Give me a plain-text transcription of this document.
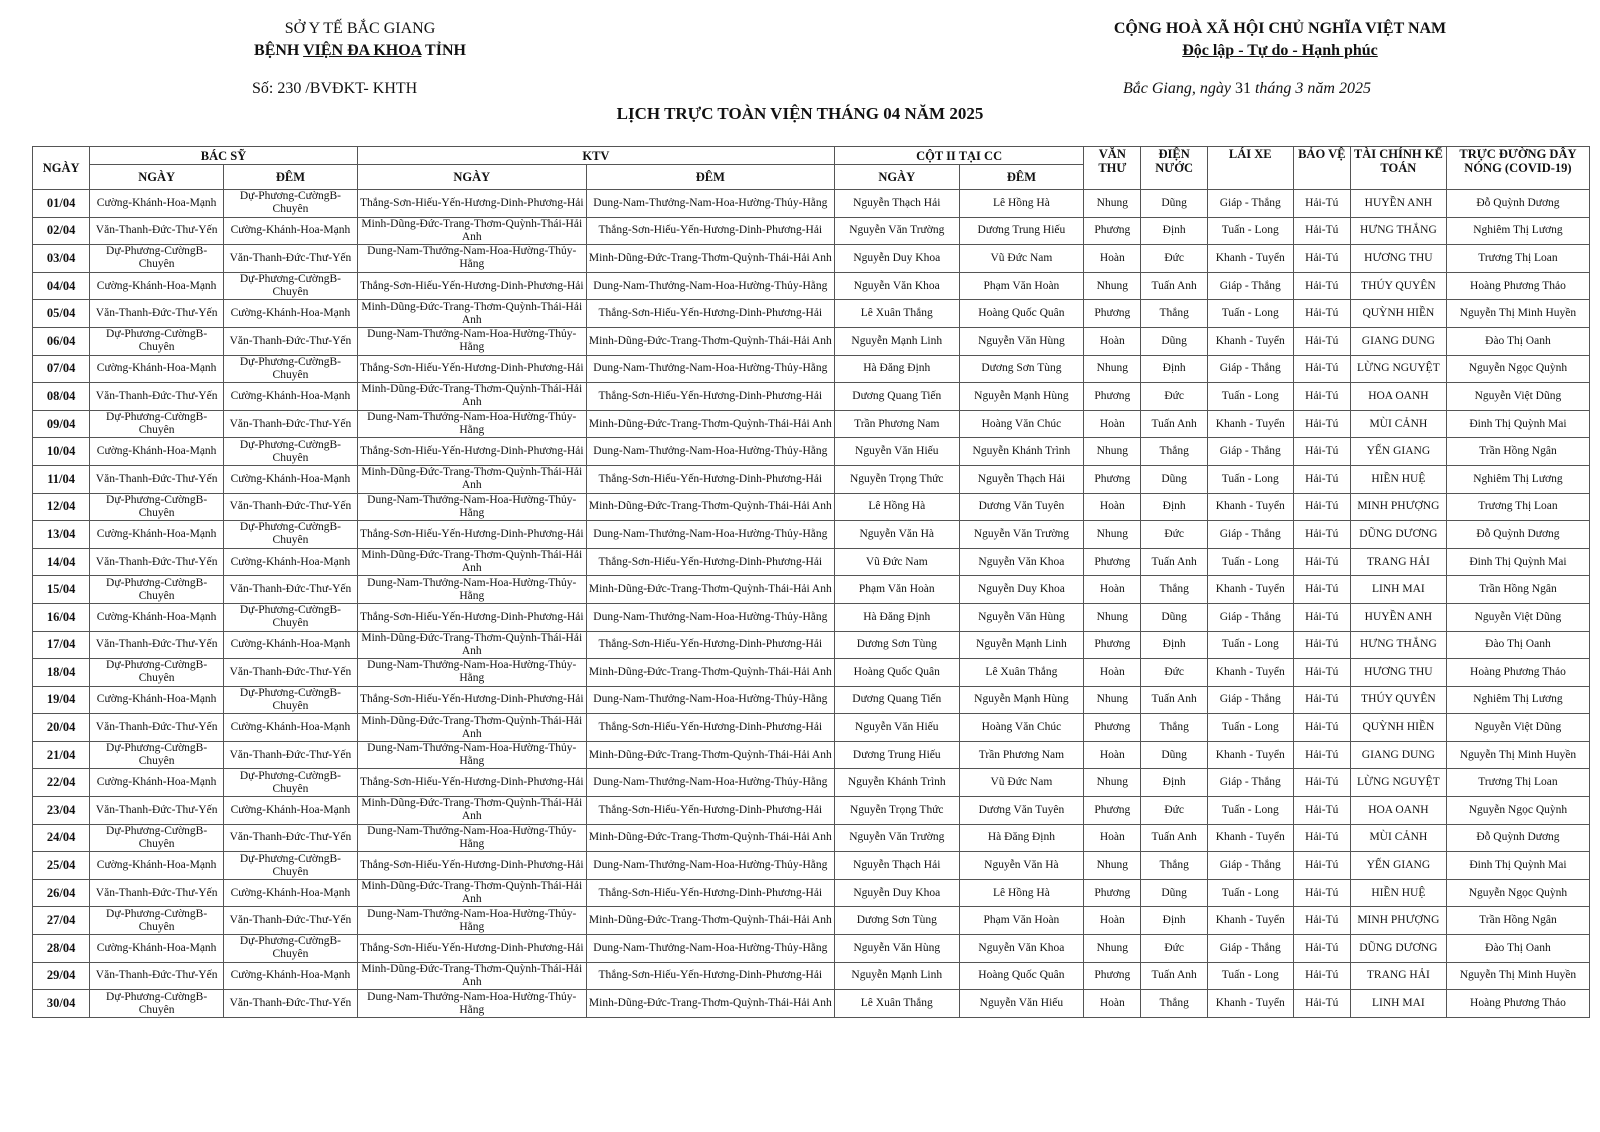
SỞ Y TẾ BẮC GIANG
BỆNH VIỆN ĐA KHOA TỈNH
Số: 230 /BVĐKT- KHTH
CỘNG HOÀ XÃ HỘI CHỦ NGHĨA VIỆT NAM
Độc lập - Tự do - Hạnh phúc
Bắc Giang, ngày 31 tháng 3 năm 2025
LỊCH TRỰC TOÀN VIỆN THÁNG 04 NĂM 2025
NGÀY	BÁC SỸ		KTV		CỘT II TẠI CC		VĂN THƯ	ĐIỆN NƯỚC	LÁI XE	BẢO VỆ	TÀI CHÍNH KẾ TOÁN	TRỰC ĐƯỜNG DÂY NÓNG (COVID-19)
	NGÀY	ĐÊM	NGÀY	ĐÊM	NGÀY	ĐÊM						
01/04	Cường-Khánh-Hoa-Mạnh	Dự-Phương-CườngB-Chuyên	Thắng-Sơn-Hiếu-Yến-Hương-Dinh-Phương-Hải	Dung-Nam-Thưởng-Nam-Hoa-Hường-Thủy-Hằng	Nguyễn Thạch Hải	Lê Hồng Hà	Nhung	Dũng	Giáp - Thắng	Hải-Tú	HUYỀN ANH	Đỗ Quỳnh Dương
02/04	Văn-Thanh-Đức-Thư-Yến	Cường-Khánh-Hoa-Mạnh	Minh-Dũng-Đức-Trang-Thơm-Quỳnh-Thái-Hải Anh	Thắng-Sơn-Hiếu-Yến-Hương-Dinh-Phương-Hải	Nguyễn Văn Trường	Dương Trung Hiếu	Phương	Định	Tuấn - Long	Hải-Tú	HƯNG THẮNG	Nghiêm Thị Lương
03/04	Dự-Phương-CườngB-Chuyên	Văn-Thanh-Đức-Thư-Yến	Dung-Nam-Thưởng-Nam-Hoa-Hường-Thủy-Hằng	Minh-Dũng-Đức-Trang-Thơm-Quỳnh-Thái-Hải Anh	Nguyễn Duy Khoa	Vũ Đức Nam	Hoàn	Đức	Khanh - Tuyển	Hải-Tú	HƯƠNG THU	Trương Thị Loan
04/04	Cường-Khánh-Hoa-Mạnh	Dự-Phương-CườngB-Chuyên	Thắng-Sơn-Hiếu-Yến-Hương-Dinh-Phương-Hải	Dung-Nam-Thưởng-Nam-Hoa-Hường-Thủy-Hằng	Nguyễn Văn Khoa	Phạm Văn Hoàn	Nhung	Tuấn Anh	Giáp - Thắng	Hải-Tú	THÚY QUYÊN	Hoàng Phương Thảo
05/04	Văn-Thanh-Đức-Thư-Yến	Cường-Khánh-Hoa-Mạnh	Minh-Dũng-Đức-Trang-Thơm-Quỳnh-Thái-Hải Anh	Thắng-Sơn-Hiếu-Yến-Hương-Dinh-Phương-Hải	Lê Xuân Thắng	Hoàng Quốc Quân	Phương	Thắng	Tuấn - Long	Hải-Tú	QUỲNH HIỀN	Nguyễn Thị Minh Huyền
06/04	Dự-Phương-CườngB-Chuyên	Văn-Thanh-Đức-Thư-Yến	Dung-Nam-Thưởng-Nam-Hoa-Hường-Thủy-Hằng	Minh-Dũng-Đức-Trang-Thơm-Quỳnh-Thái-Hải Anh	Nguyễn Mạnh Linh	Nguyễn Văn Hùng	Hoàn	Dũng	Khanh - Tuyển	Hải-Tú	GIANG DUNG	Đào Thị Oanh
07/04	Cường-Khánh-Hoa-Mạnh	Dự-Phương-CườngB-Chuyên	Thắng-Sơn-Hiếu-Yến-Hương-Dinh-Phương-Hải	Dung-Nam-Thưởng-Nam-Hoa-Hường-Thủy-Hằng	Hà Đăng Định	Dương Sơn Tùng	Nhung	Định	Giáp - Thắng	Hải-Tú	LỪNG NGUYỆT	Nguyễn Ngọc Quỳnh
08/04	Văn-Thanh-Đức-Thư-Yến	Cường-Khánh-Hoa-Mạnh	Minh-Dũng-Đức-Trang-Thơm-Quỳnh-Thái-Hải Anh	Thắng-Sơn-Hiếu-Yến-Hương-Dinh-Phương-Hải	Dương Quang Tiến	Nguyễn Mạnh Hùng	Phương	Đức	Tuấn - Long	Hải-Tú	HOA OANH	Nguyễn Việt Dũng
09/04	Dự-Phương-CườngB-Chuyên	Văn-Thanh-Đức-Thư-Yến	Dung-Nam-Thưởng-Nam-Hoa-Hường-Thủy-Hằng	Minh-Dũng-Đức-Trang-Thơm-Quỳnh-Thái-Hải Anh	Trần Phương Nam	Hoàng Văn Chúc	Hoàn	Tuấn Anh	Khanh - Tuyển	Hải-Tú	MÙI CẢNH	Đinh Thị Quỳnh Mai
10/04	Cường-Khánh-Hoa-Mạnh	Dự-Phương-CườngB-Chuyên	Thắng-Sơn-Hiếu-Yến-Hương-Dinh-Phương-Hải	Dung-Nam-Thưởng-Nam-Hoa-Hường-Thủy-Hằng	Nguyễn Văn Hiếu	Nguyễn Khánh Trình	Nhung	Thắng	Giáp - Thắng	Hải-Tú	YẾN GIANG	Trần Hồng Ngân
11/04	Văn-Thanh-Đức-Thư-Yến	Cường-Khánh-Hoa-Mạnh	Minh-Dũng-Đức-Trang-Thơm-Quỳnh-Thái-Hải Anh	Thắng-Sơn-Hiếu-Yến-Hương-Dinh-Phương-Hải	Nguyễn Trọng Thức	Nguyễn Thạch Hải	Phương	Dũng	Tuấn - Long	Hải-Tú	HIỀN HUỆ	Nghiêm Thị Lương
12/04	Dự-Phương-CườngB-Chuyên	Văn-Thanh-Đức-Thư-Yến	Dung-Nam-Thưởng-Nam-Hoa-Hường-Thủy-Hằng	Minh-Dũng-Đức-Trang-Thơm-Quỳnh-Thái-Hải Anh	Lê Hồng Hà	Dương Văn Tuyên	Hoàn	Định	Khanh - Tuyển	Hải-Tú	MINH PHƯỢNG	Trương Thị Loan
13/04	Cường-Khánh-Hoa-Mạnh	Dự-Phương-CườngB-Chuyên	Thắng-Sơn-Hiếu-Yến-Hương-Dinh-Phương-Hải	Dung-Nam-Thưởng-Nam-Hoa-Hường-Thủy-Hằng	Nguyễn Văn Hà	Nguyễn Văn Trường	Nhung	Đức	Giáp - Thắng	Hải-Tú	DŨNG DƯƠNG	Đỗ Quỳnh Dương
14/04	Văn-Thanh-Đức-Thư-Yến	Cường-Khánh-Hoa-Mạnh	Minh-Dũng-Đức-Trang-Thơm-Quỳnh-Thái-Hải Anh	Thắng-Sơn-Hiếu-Yến-Hương-Dinh-Phương-Hải	Vũ Đức Nam	Nguyễn Văn Khoa	Phương	Tuấn Anh	Tuấn - Long	Hải-Tú	TRANG HẢI	Đinh Thị Quỳnh Mai
15/04	Dự-Phương-CườngB-Chuyên	Văn-Thanh-Đức-Thư-Yến	Dung-Nam-Thưởng-Nam-Hoa-Hường-Thủy-Hằng	Minh-Dũng-Đức-Trang-Thơm-Quỳnh-Thái-Hải Anh	Phạm Văn Hoàn	Nguyễn Duy Khoa	Hoàn	Thắng	Khanh - Tuyển	Hải-Tú	LINH MAI	Trần Hồng Ngân
16/04	Cường-Khánh-Hoa-Mạnh	Dự-Phương-CườngB-Chuyên	Thắng-Sơn-Hiếu-Yến-Hương-Dinh-Phương-Hải	Dung-Nam-Thưởng-Nam-Hoa-Hường-Thủy-Hằng	Hà Đăng Định	Nguyễn Văn Hùng	Nhung	Dũng	Giáp - Thắng	Hải-Tú	HUYỀN ANH	Nguyễn Việt Dũng
17/04	Văn-Thanh-Đức-Thư-Yến	Cường-Khánh-Hoa-Mạnh	Minh-Dũng-Đức-Trang-Thơm-Quỳnh-Thái-Hải Anh	Thắng-Sơn-Hiếu-Yến-Hương-Dinh-Phương-Hải	Dương Sơn Tùng	Nguyễn Mạnh Linh	Phương	Định	Tuấn - Long	Hải-Tú	HƯNG THẮNG	Đào Thị Oanh
18/04	Dự-Phương-CườngB-Chuyên	Văn-Thanh-Đức-Thư-Yến	Dung-Nam-Thưởng-Nam-Hoa-Hường-Thủy-Hằng	Minh-Dũng-Đức-Trang-Thơm-Quỳnh-Thái-Hải Anh	Hoàng Quốc Quân	Lê Xuân Thắng	Hoàn	Đức	Khanh - Tuyển	Hải-Tú	HƯƠNG THU	Hoàng Phương Thảo
19/04	Cường-Khánh-Hoa-Mạnh	Dự-Phương-CườngB-Chuyên	Thắng-Sơn-Hiếu-Yến-Hương-Dinh-Phương-Hải	Dung-Nam-Thưởng-Nam-Hoa-Hường-Thủy-Hằng	Dương Quang Tiến	Nguyễn Mạnh Hùng	Nhung	Tuấn Anh	Giáp - Thắng	Hải-Tú	THÚY QUYÊN	Nghiêm Thị Lương
20/04	Văn-Thanh-Đức-Thư-Yến	Cường-Khánh-Hoa-Mạnh	Minh-Dũng-Đức-Trang-Thơm-Quỳnh-Thái-Hải Anh	Thắng-Sơn-Hiếu-Yến-Hương-Dinh-Phương-Hải	Nguyễn Văn Hiếu	Hoàng Văn Chúc	Phương	Thắng	Tuấn - Long	Hải-Tú	QUỲNH HIỀN	Nguyễn Việt Dũng
21/04	Dự-Phương-CườngB-Chuyên	Văn-Thanh-Đức-Thư-Yến	Dung-Nam-Thưởng-Nam-Hoa-Hường-Thủy-Hằng	Minh-Dũng-Đức-Trang-Thơm-Quỳnh-Thái-Hải Anh	Dương Trung Hiếu	Trần Phương Nam	Hoàn	Dũng	Khanh - Tuyển	Hải-Tú	GIANG DUNG	Nguyễn Thị Minh Huyền
22/04	Cường-Khánh-Hoa-Mạnh	Dự-Phương-CườngB-Chuyên	Thắng-Sơn-Hiếu-Yến-Hương-Dinh-Phương-Hải	Dung-Nam-Thưởng-Nam-Hoa-Hường-Thủy-Hằng	Nguyễn Khánh Trình	Vũ Đức Nam	Nhung	Định	Giáp - Thắng	Hải-Tú	LỪNG NGUYỆT	Trương Thị Loan
23/04	Văn-Thanh-Đức-Thư-Yến	Cường-Khánh-Hoa-Mạnh	Minh-Dũng-Đức-Trang-Thơm-Quỳnh-Thái-Hải Anh	Thắng-Sơn-Hiếu-Yến-Hương-Dinh-Phương-Hải	Nguyễn Trọng Thức	Dương Văn Tuyên	Phương	Đức	Tuấn - Long	Hải-Tú	HOA OANH	Nguyễn Ngọc Quỳnh
24/04	Dự-Phương-CườngB-Chuyên	Văn-Thanh-Đức-Thư-Yến	Dung-Nam-Thưởng-Nam-Hoa-Hường-Thủy-Hằng	Minh-Dũng-Đức-Trang-Thơm-Quỳnh-Thái-Hải Anh	Nguyễn Văn Trường	Hà Đăng Định	Hoàn	Tuấn Anh	Khanh - Tuyển	Hải-Tú	MÙI CẢNH	Đỗ Quỳnh Dương
25/04	Cường-Khánh-Hoa-Mạnh	Dự-Phương-CườngB-Chuyên	Thắng-Sơn-Hiếu-Yến-Hương-Dinh-Phương-Hải	Dung-Nam-Thưởng-Nam-Hoa-Hường-Thủy-Hằng	Nguyễn Thạch Hải	Nguyễn Văn Hà	Nhung	Thắng	Giáp - Thắng	Hải-Tú	YẾN GIANG	Đinh Thị Quỳnh Mai
26/04	Văn-Thanh-Đức-Thư-Yến	Cường-Khánh-Hoa-Mạnh	Minh-Dũng-Đức-Trang-Thơm-Quỳnh-Thái-Hải Anh	Thắng-Sơn-Hiếu-Yến-Hương-Dinh-Phương-Hải	Nguyễn Duy Khoa	Lê Hồng Hà	Phương	Dũng	Tuấn - Long	Hải-Tú	HIỀN HUỆ	Nguyễn Ngọc Quỳnh
27/04	Dự-Phương-CườngB-Chuyên	Văn-Thanh-Đức-Thư-Yến	Dung-Nam-Thưởng-Nam-Hoa-Hường-Thủy-Hằng	Minh-Dũng-Đức-Trang-Thơm-Quỳnh-Thái-Hải Anh	Dương Sơn Tùng	Phạm Văn Hoàn	Hoàn	Định	Khanh - Tuyển	Hải-Tú	MINH PHƯỢNG	Trần Hồng Ngân
28/04	Cường-Khánh-Hoa-Mạnh	Dự-Phương-CườngB-Chuyên	Thắng-Sơn-Hiếu-Yến-Hương-Dinh-Phương-Hải	Dung-Nam-Thưởng-Nam-Hoa-Hường-Thủy-Hằng	Nguyễn Văn Hùng	Nguyễn Văn Khoa	Nhung	Đức	Giáp - Thắng	Hải-Tú	DŨNG DƯƠNG	Đào Thị Oanh
29/04	Văn-Thanh-Đức-Thư-Yến	Cường-Khánh-Hoa-Mạnh	Minh-Dũng-Đức-Trang-Thơm-Quỳnh-Thái-Hải Anh	Thắng-Sơn-Hiếu-Yến-Hương-Dinh-Phương-Hải	Nguyễn Mạnh Linh	Hoàng Quốc Quân	Phương	Tuấn Anh	Tuấn - Long	Hải-Tú	TRANG HẢI	Nguyễn Thị Minh Huyền
30/04	Dự-Phương-CườngB-Chuyên	Văn-Thanh-Đức-Thư-Yến	Dung-Nam-Thưởng-Nam-Hoa-Hường-Thủy-Hằng	Minh-Dũng-Đức-Trang-Thơm-Quỳnh-Thái-Hải Anh	Lê Xuân Thắng	Nguyễn Văn Hiếu	Hoàn	Thắng	Khanh - Tuyển	Hải-Tú	LINH MAI	Hoàng Phương Thảo
